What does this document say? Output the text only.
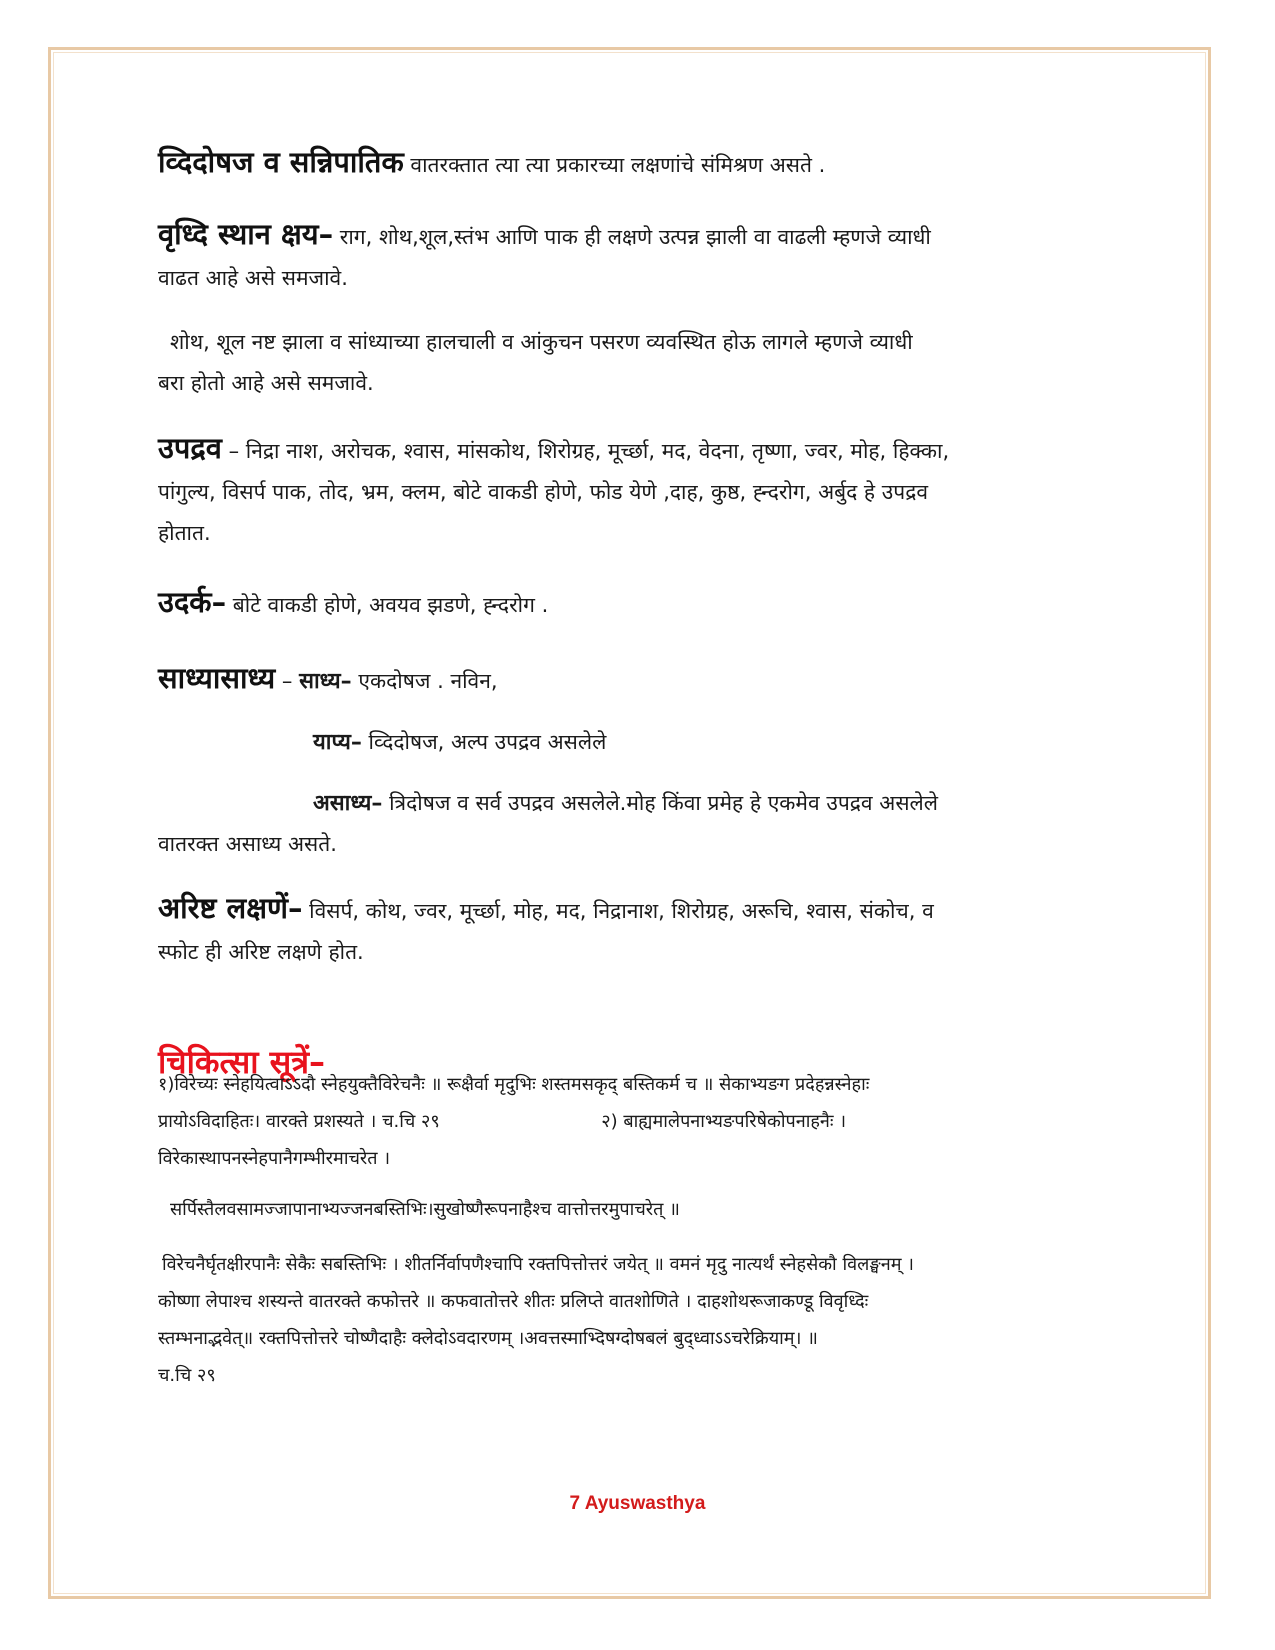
व्दिदोषज व सन्निपातिक वातरक्तात त्या त्या प्रकारच्या लक्षणांचे संमिश्रण असते .
वृध्दि स्थान क्षय– राग, शोथ,शूल,स्तंभ आणि पाक ही लक्षणे उत्पन्न झाली वा वाढली म्हणजे व्याधी
वाढत आहे असे समजावे.
शोथ, शूल नष्ट झाला व सांध्याच्या हालचाली व आंकुचन पसरण व्यवस्थित होऊ लागले म्हणजे व्याधी
बरा होतो आहे असे समजावे.
उपद्रव – निद्रा नाश, अरोचक, श्वास, मांसकोथ, शिरोग्रह, मूर्च्छा, मद, वेदना, तृष्णा, ज्वर, मोह, हिक्का,
पांगुल्य, विसर्प पाक, तोद, भ्रम, क्लम, बोटे वाकडी होणे, फोड येणे ,दाह, कुष्ठ, ह्न्दरोग, अर्बुद हे उपद्रव
होतात.
उदर्क– बोटे वाकडी होणे, अवयव झडणे, ह्न्दरोग .
साध्यासाध्य – साध्य– एकदोषज . नविन,
याप्य– व्दिदोषज, अल्प उपद्रव असलेले
असाध्य– त्रिदोषज व सर्व उपद्रव असलेले.मोह किंवा प्रमेह हे एकमेव उपद्रव असलेले
वातरक्त असाध्य असते.
अरिष्ट लक्षणें– विसर्प, कोथ, ज्वर, मूर्च्छा, मोह, मद, निद्रानाश, शिरोग्रह, अरूचि, श्वास, संकोच, व
स्फोट ही अरिष्ट लक्षणे होत.
चिकित्सा सूत्रें–
१)विरेच्यः स्नेहयित्वाऽऽदौ स्नेहयुक्तैविरेचनैः ॥ रूक्षैर्वा मृदुभिः शस्तमसकृद् बस्तिकर्म च ॥ सेकाभ्यङग प्रदेहन्नस्नेहाः
प्रायोऽविदाहितः। वारक्ते प्रशस्यते । च.चि २९	२) बाह्यमालेपनाभ्यङपरिषेकोपनाहनैः ।
विरेकास्थापनस्नेहपानैगम्भीरमाचरेत ।
सर्पिस्तैलवसामज्जापानाभ्यज्जनबस्तिभिः।सुखोष्णैरूपनाहैश्च वात्तोत्तरमुपाचरेत् ॥
विरेचनैर्घृतक्षीरपानैः सेकैः सबस्तिभिः । शीतर्निर्वापणैश्चापि रक्तपित्तोत्तरं जयेत् ॥ वमनं मृदु नात्यर्थं स्नेहसेकौ विलङ्घनम् ।
कोष्णा लेपाश्च शस्यन्ते वातरक्ते कफोत्तरे ॥ कफवातोत्तरे शीतः प्रलिप्ते वातशोणिते । दाहशोथरूजाकण्डू विवृध्दिः
स्तम्भनाद्भवेत्॥ रक्तपित्तोत्तरे चोष्णैदाहैः क्लेदोऽवदारणम् ।अवत्तस्माभ्दिषग्दोषबलं बुद्ध्वाऽऽचरेक्रियाम्। ॥
च.चि २९
7 Ayuswasthya
